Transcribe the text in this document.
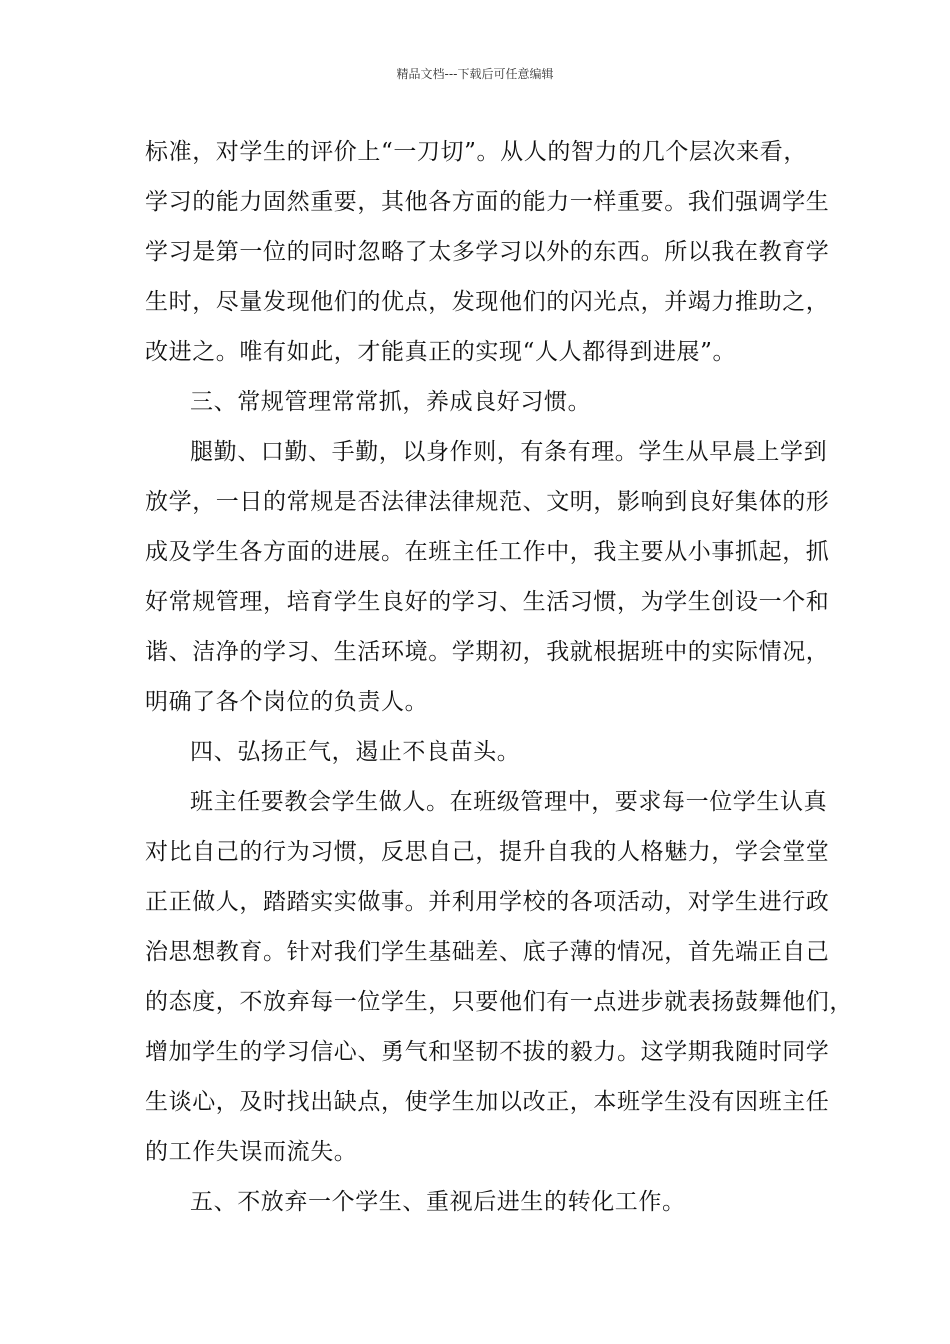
精品文档---下载后可任意编辑
标准，对学生的评价上“一刀切”。从人的智力的几个层次来看，
学习的能力固然重要，其他各方面的能力一样重要。我们强调学生
学习是第一位的同时忽略了太多学习以外的东西。所以我在教育学
生时，尽量发现他们的优点，发现他们的闪光点，并竭力推助之，
改进之。唯有如此，才能真正的实现“人人都得到进展”。
三、常规管理常常抓，养成良好习惯。
腿勤、口勤、手勤，以身作则，有条有理。学生从早晨上学到
放学，一日的常规是否法律法律规范、文明，影响到良好集体的形
成及学生各方面的进展。在班主任工作中，我主要从小事抓起，抓
好常规管理，培育学生良好的学习、生活习惯，为学生创设一个和
谐、洁净的学习、生活环境。学期初，我就根据班中的实际情况，
明确了各个岗位的负责人。
四、弘扬正气，遏止不良苗头。
班主任要教会学生做人。在班级管理中，要求每一位学生认真
对比自己的行为习惯，反思自己，提升自我的人格魅力，学会堂堂
正正做人，踏踏实实做事。并利用学校的各项活动，对学生进行政
治思想教育。针对我们学生基础差、底子薄的情况，首先端正自己
的态度，不放弃每一位学生，只要他们有一点进步就表扬鼓舞他们，
增加学生的学习信心、勇气和坚韧不拔的毅力。这学期我随时同学
生谈心，及时找出缺点，使学生加以改正，本班学生没有因班主任
的工作失误而流失。
五、不放弃一个学生、重视后进生的转化工作。
